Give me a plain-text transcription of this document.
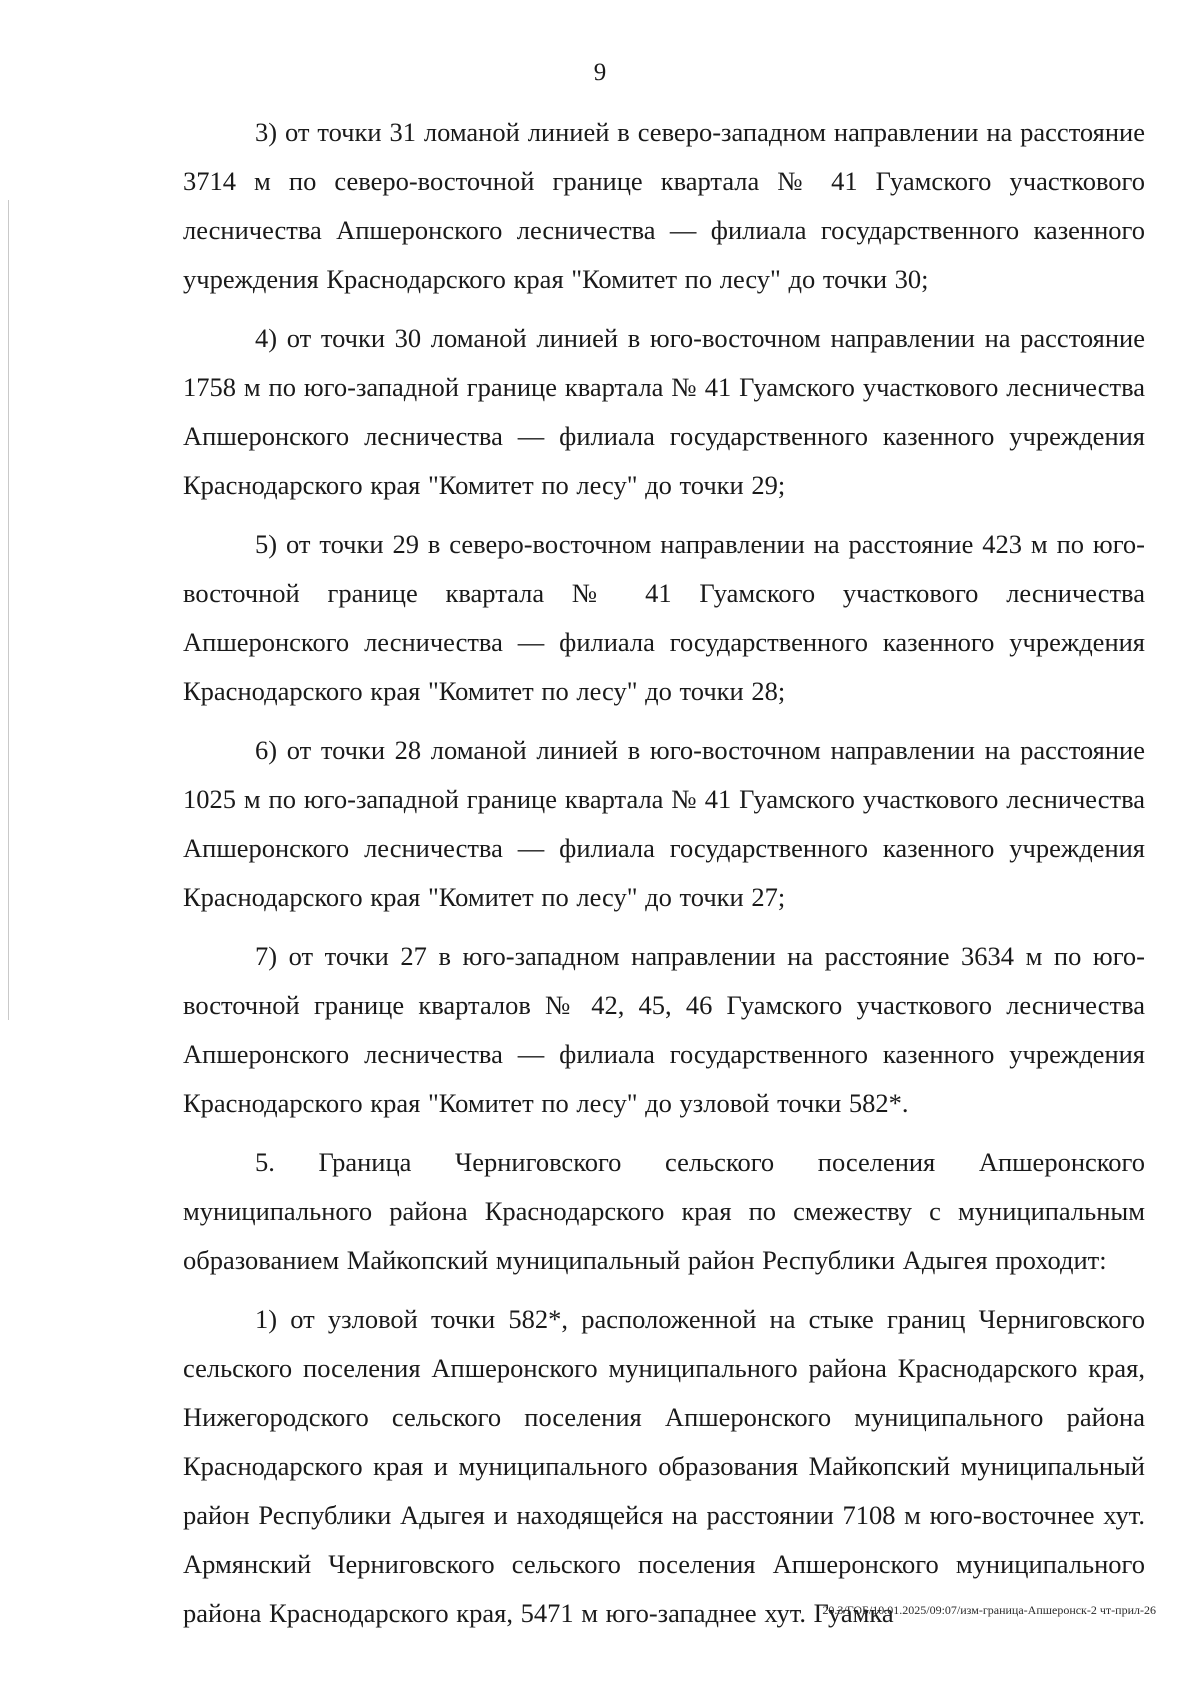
9

3) от точки 31 ломаной линией в северо-западном направлении на расстояние 3714 м по северо-восточной границе квартала № 41 Гуамского участкового лесничества Апшеронского лесничества — филиала государственного казенного учреждения Краснодарского края "Комитет по лесу" до точки 30;

4) от точки 30 ломаной линией в юго-восточном направлении на расстояние 1758 м по юго-западной границе квартала № 41 Гуамского участкового лесничества Апшеронского лесничества — филиала государственного казенного учреждения Краснодарского края "Комитет по лесу" до точки 29;

5) от точки 29 в северо-восточном направлении на расстояние 423 м по юго-восточной границе квартала № 41 Гуамского участкового лесничества Апшеронского лесничества — филиала государственного казенного учреждения Краснодарского края "Комитет по лесу" до точки 28;

6) от точки 28 ломаной линией в юго-восточном направлении на расстояние 1025 м по юго-западной границе квартала № 41 Гуамского участкового лесничества Апшеронского лесничества — филиала государственного казенного учреждения Краснодарского края "Комитет по лесу" до точки 27;

7) от точки 27 в юго-западном направлении на расстояние 3634 м по юго-восточной границе кварталов № 42, 45, 46 Гуамского участкового лесничества Апшеронского лесничества — филиала государственного казенного учреждения Краснодарского края "Комитет по лесу" до узловой точки 582*.

5. Граница Черниговского сельского поселения Апшеронского муниципального района Краснодарского края по смежеству с муниципальным образованием Майкопский муниципальный район Республики Адыгея проходит:

1) от узловой точки 582*, расположенной на стыке границ Черниговского сельского поселения Апшеронского муниципального района Краснодарского края, Нижегородского сельского поселения Апшеронского муниципального района Краснодарского края и муниципального образования Майкопский муниципальный район Республики Адыгея и находящейся на расстоянии 7108 м юго-восточнее хут. Армянский Черниговского сельского поселения Апшеронского муниципального района Краснодарского края, 5471 м юго-западнее хут. Гуамка

20.3/ГОБ/10.01.2025/09:07/изм-граница-Апшеронск-2 чт-прил-26
